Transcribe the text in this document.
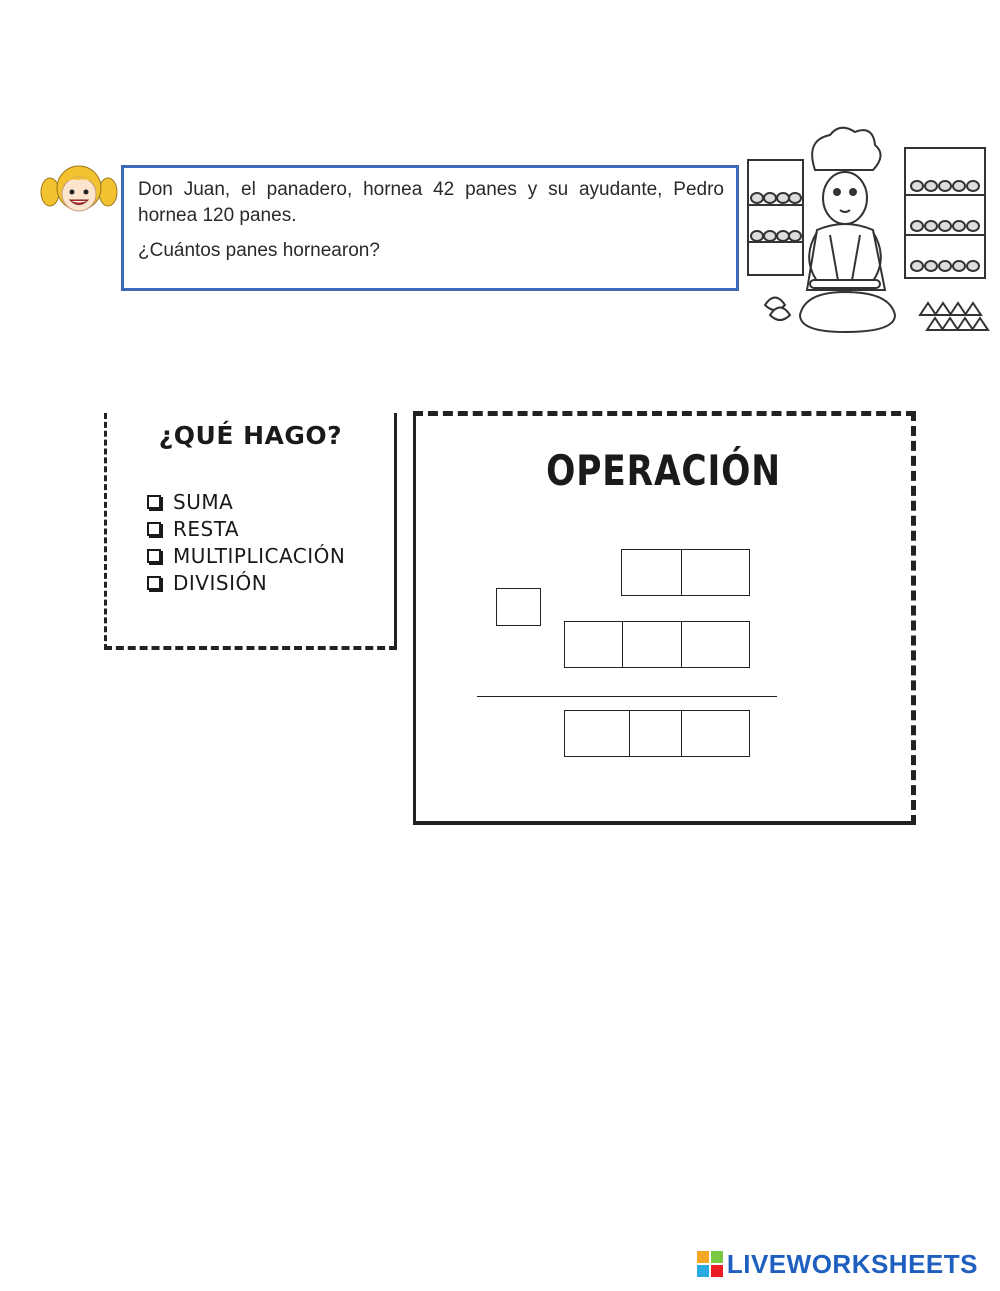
Don Juan, el panadero, hornea 42 panes y su ayudante, Pedro hornea 120 panes.

¿Cuántos panes hornearon?

¿QUÉ HAGO?
SUMA
RESTA
MULTIPLICACIÓN
DIVISIÓN
OPERACIÓN
LIVEWORKSHEETS
